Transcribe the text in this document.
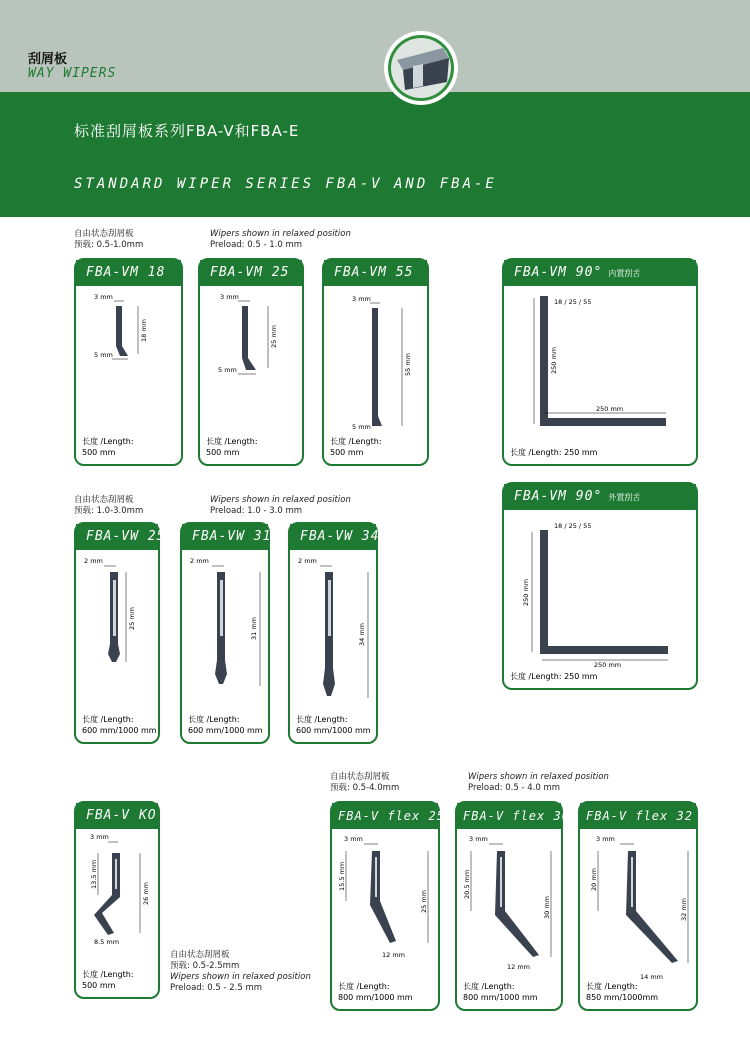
刮屑板
WAY WIPERS
标准刮屑板系列FBA-V和FBA-E
STANDARD WIPER SERIES FBA-V AND FBA-E
自由状态刮屑板
预载: 0.5-1.0mm
Wipers shown in relaxed position
Preload: 0.5 - 1.0 mm
FBA-VM 18
3 mm
18 mm
5 mm
长度 /Length:
500 mm
FBA-VM 25
3 mm
25 mm
5 mm
长度 /Length:
500 mm
FBA-VM 55
3 mm
55 mm
5 mm
长度 /Length:
500 mm
FBA-VM 90° 内置刮舌
18 / 25 / 55
250 mm
250 mm
长度 /Length: 250 mm
自由状态刮屑板
预载: 1.0-3.0mm
Wipers shown in relaxed position
Preload: 1.0 - 3.0 mm
FBA-VM 90° 外置刮舌
18 / 25 / 55
250 mm
250 mm
长度 /Length: 250 mm
FBA-VW 25
2 mm
25 mm
长度 /Length:
600 mm/1000 mm
FBA-VW 31
2 mm
31 mm
长度 /Length:
600 mm/1000 mm
FBA-VW 34
2 mm
34 mm
长度 /Length:
600 mm/1000 mm
自由状态刮屑板
预载: 0.5-4.0mm
Wipers shown in relaxed position
Preload: 0.5 - 4.0 mm
FBA-V KO
3 mm
13.5 mm
26 mm
8.5 mm
长度 /Length:
500 mm
自由状态刮屑板
预载: 0.5-2.5mm
Wipers shown in relaxed position
Preload: 0.5 - 2.5 mm
FBA-V flex 25
3 mm
15.5 mm
25 mm
12 mm
长度 /Length:
800 mm/1000 mm
FBA-V flex 30
3 mm
20.5 mm
30 mm
12 mm
长度 /Length:
800 mm/1000 mm
FBA-V flex 32
3 mm
20 mm
32 mm
14 mm
长度 /Length:
850 mm/1000mm
